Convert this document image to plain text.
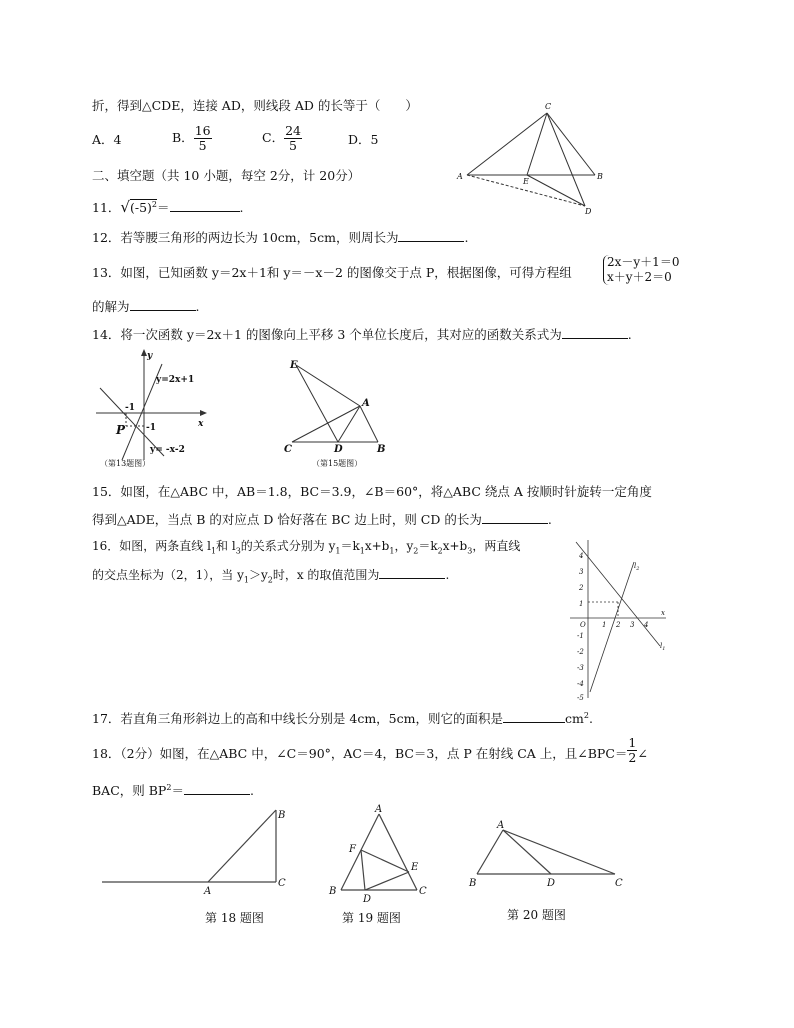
折，得到△CDE，连接 AD，则线段 AD 的长等于（　　）
A．4	B． $\frac{16}{5}$	C． $\frac{24}{5}$	D．5
C
A
E
B
D
二、填空题（共 10 小题，每空 2分，计 20分）
11．$√(-5)^2=$	.
12．若等腰三角形的两边长为 10cm，5cm，则周长为	.
13．如图，已知函数 y＝2x＋1和 y＝－x－2 的图像交于点 P，根据图像，可得方程组
2x－y＋1＝0
x＋y＋2＝0
的解为	.
14．将一次函数 y＝2x＋1 的图像向上平移 3 个单位长度后，其对应的函数关系式为	.
y
x
y=2x+1
y= -x-2
-1
-1
P
（第13题图）
E
A
C	D	B
（第15题图）
15．如图，在△ABC 中，AB＝1.8，BC＝3.9，∠B＝60°，将△ABC 绕点 A 按顺时针旋转一定角度
得到△ADE，当点 B 的对应点 D 恰好落在 BC 边上时，则 CD 的长为	.
16．如图，两条直线 $l_1$和 $l_3$的关系式分别为 $y_1=k_1x+b_1$，$y_2=k_2x+b_3$，两直线
的交点坐标为（2，1），当 $y_1>y_2$时，x 的取值范围为	.
4
3
2
1
-1
-2
-3
-4
-5
1 2 3 4
O
x
$l_2$
$l_1$
17．若直角三角形斜边上的高和中线长分别是 4cm，5cm，则它的面积是	$cm^2$.
18．（2分）如图，在△ABC 中，∠C＝90°，AC＝4，BC＝3，点 P 在射线 CA 上，且∠BPC＝ $\frac{1}{2}$ ∠
BAC，则 $BP^2=$	.
B
A
C
第 18 题图
A
F
E
B
D
C
第 19 题图
A
B	D	C
第 20 题图
